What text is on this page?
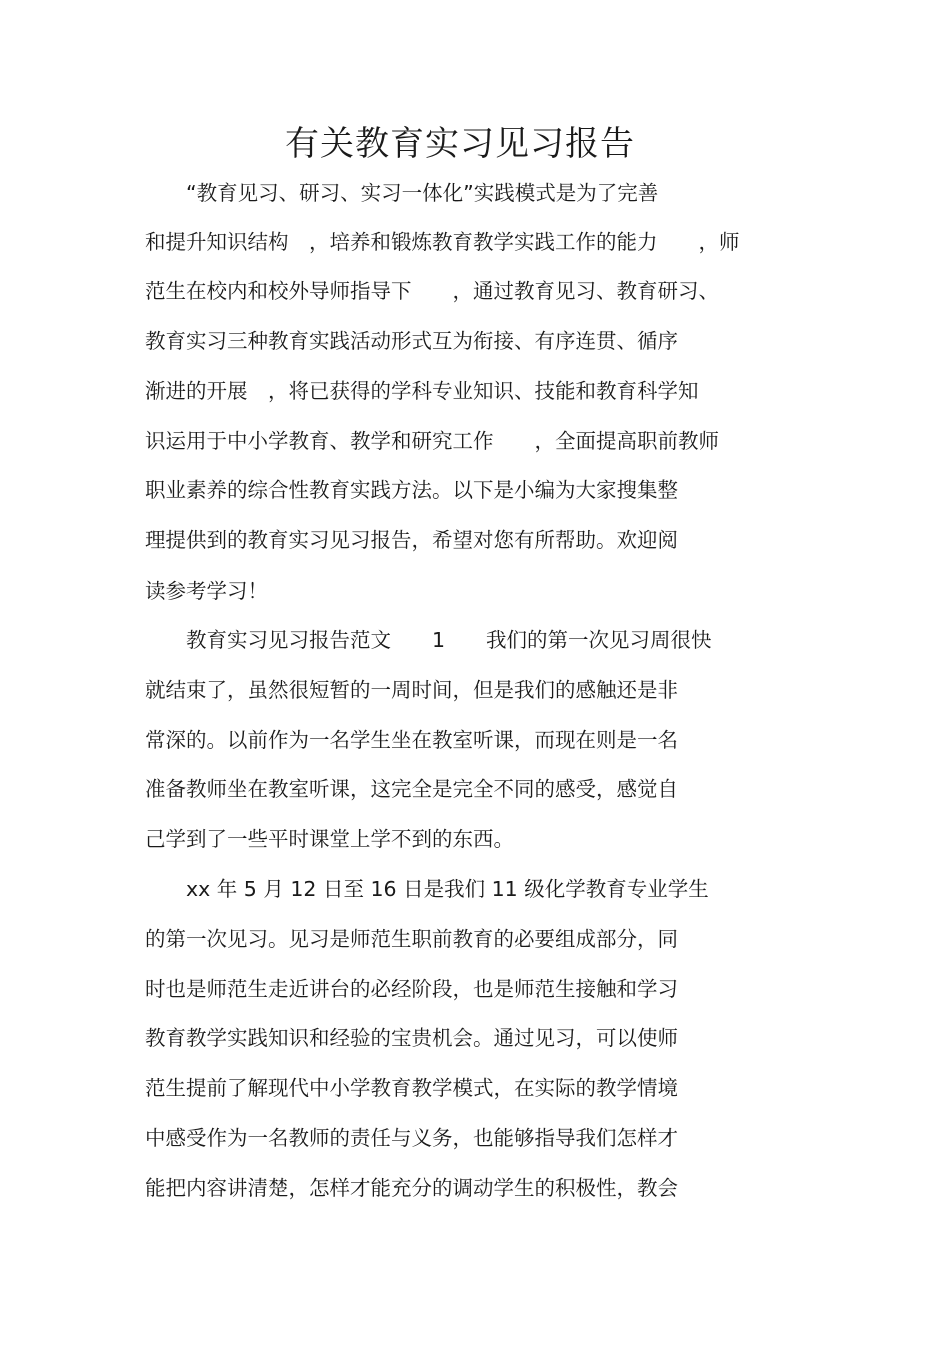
有关教育实习见习报告

　　“教育见习、研习、实习一体化”实践模式是为了完善

和提升知识结构　，培养和锻炼教育教学实践工作的能力　　，师

范生在校内和校外导师指导下　　，通过教育见习、教育研习、

教育实习三种教育实践活动形式互为衔接、有序连贯、循序

渐进的开展　，将已获得的学科专业知识、技能和教育科学知

识运用于中小学教育、教学和研究工作　　，全面提高职前教师

职业素养的综合性教育实践方法。以下是小编为大家搜集整

理提供到的教育实习见习报告，希望对您有所帮助。欢迎阅

读参考学习！

　　教育实习见习报告范文　　1　　我们的第一次见习周很快

就结束了，虽然很短暂的一周时间，但是我们的感触还是非

常深的。以前作为一名学生坐在教室听课，而现在则是一名

准备教师坐在教室听课，这完全是完全不同的感受，感觉自

己学到了一些平时课堂上学不到的东西。

　　xx 年 5 月 12 日至 16 日是我们 11 级化学教育专业学生

的第一次见习。见习是师范生职前教育的必要组成部分，同

时也是师范生走近讲台的必经阶段，也是师范生接触和学习

教育教学实践知识和经验的宝贵机会。通过见习，可以使师

范生提前了解现代中小学教育教学模式，在实际的教学情境

中感受作为一名教师的责任与义务，也能够指导我们怎样才

能把内容讲清楚，怎样才能充分的调动学生的积极性，教会
